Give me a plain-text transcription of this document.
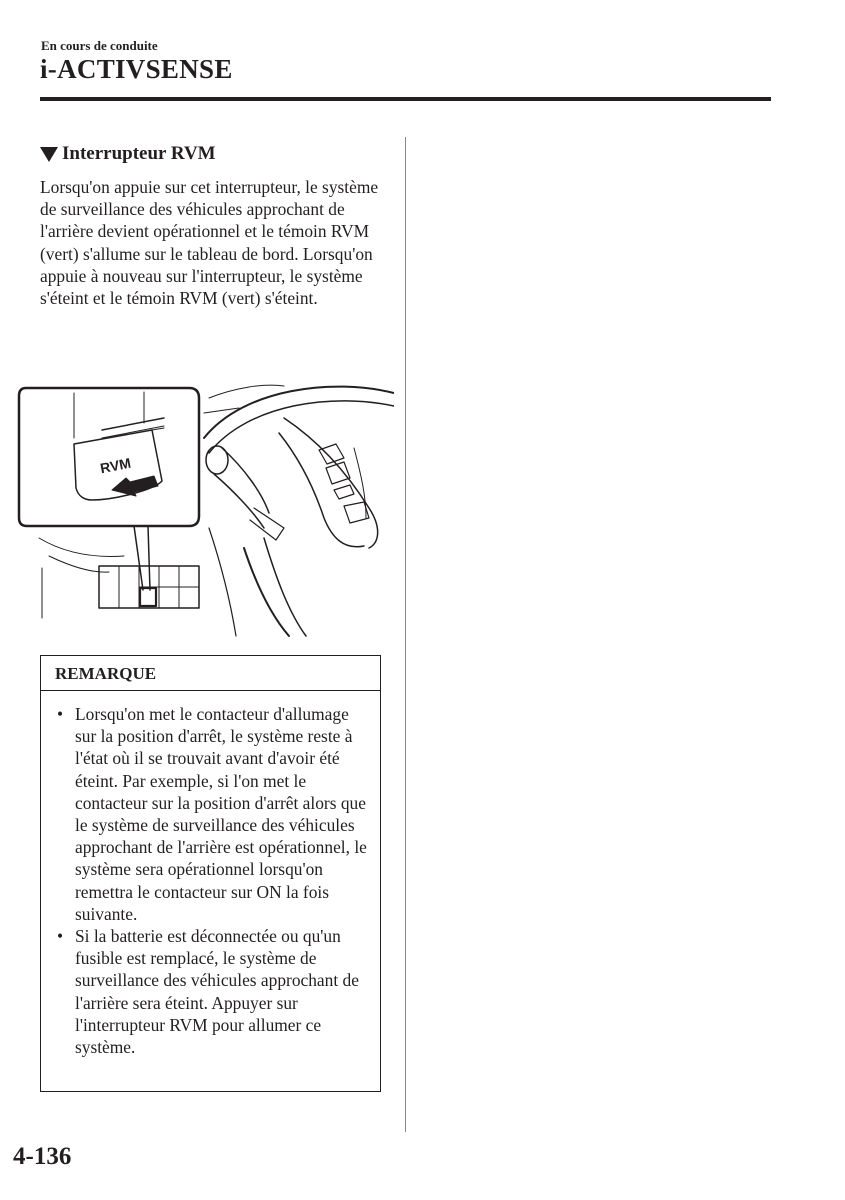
En cours de conduite
i-ACTIVSENSE
Interrupteur RVM

Lorsqu'on appuie sur cet interrupteur, le système de surveillance des véhicules approchant de l'arrière devient opérationnel et le témoin RVM (vert) s'allume sur le tableau de bord. Lorsqu'on appuie à nouveau sur l'interrupteur, le système s'éteint et le témoin RVM (vert) s'éteint.

RVM
REMARQUE
• Lorsqu'on met le contacteur d'allumage sur la position d'arrêt, le système reste à l'état où il se trouvait avant d'avoir été éteint. Par exemple, si l'on met le contacteur sur la position d'arrêt alors que le système de surveillance des véhicules approchant de l'arrière est opérationnel, le système sera opérationnel lorsqu'on remettra le contacteur sur ON la fois suivante.
• Si la batterie est déconnectée ou qu'un fusible est remplacé, le système de surveillance des véhicules approchant de l'arrière sera éteint. Appuyer sur l'interrupteur RVM pour allumer ce système.
4-136
